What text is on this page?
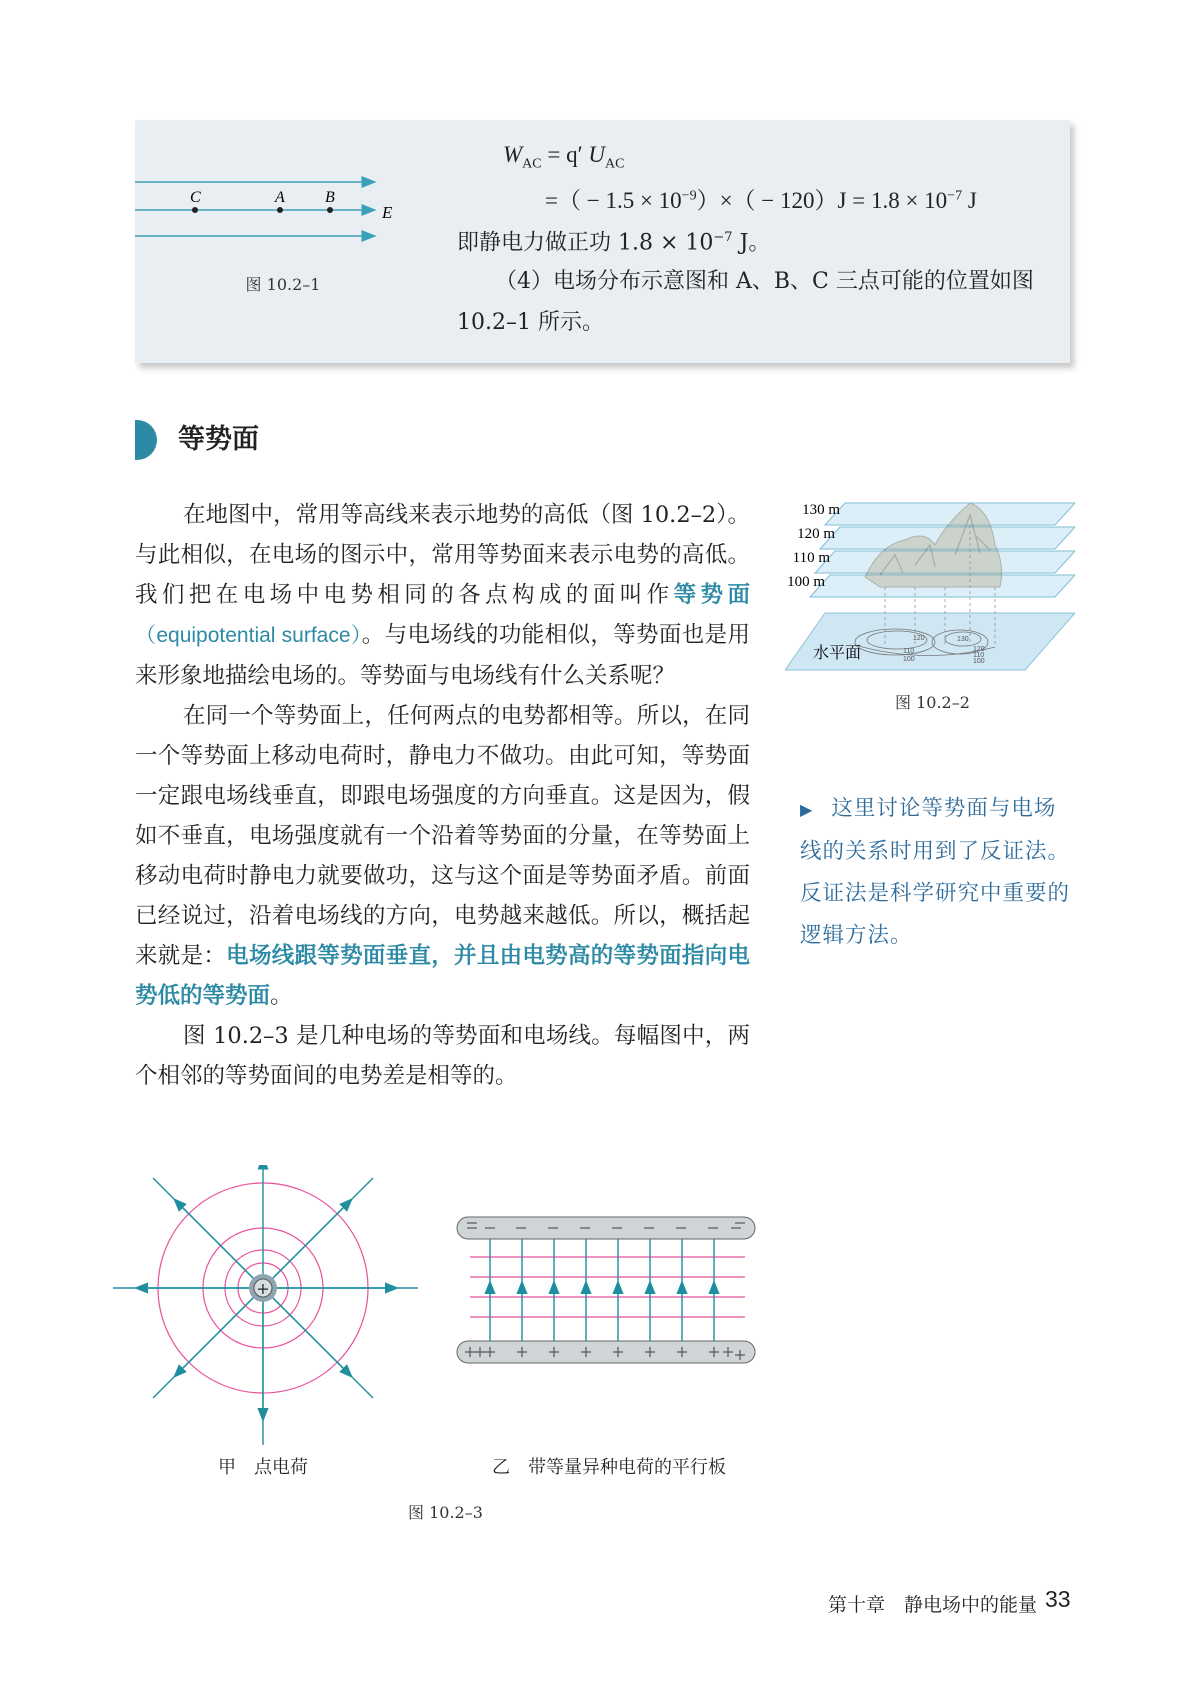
C	A	B
E
图 10.2–1
$W_{AC} = q'$ $U_{AC}$
=（ − $1.5 \times 10^{-9})\times( - 120)J = 1.8 \times 10^{-7}$ J
即静电力做正功 $1.8 \times 10^{-7}$ J。
（4）电场分布示意图和 A、B、C 三点可能的位置如图
10.2–1 所示。
等势面

在地图中，常用等高线来表示地势的高低（图 10.2–2）。与此相似，在电场的图示中，常用等势面来表示电势的高低。我们把在电场中电势相同的各点构成的面叫作等势面（equipotential surface）。与电场线的功能相似，等势面也是用来形象地描绘电场的。等势面与电场线有什么关系呢？

在同一个等势面上，任何两点的电势都相等。所以，在同一个等势面上移动电荷时，静电力不做功。由此可知，等势面一定跟电场线垂直，即跟电场强度的方向垂直。这是因为，假如不垂直，电场强度就有一个沿着等势面的分量，在等势面上移动电荷时静电力就要做功，这与这个面是等势面矛盾。前面已经说过，沿着电场线的方向，电势越来越低。所以，概括起来就是：电场线跟等势面垂直，并且由电势高的等势面指向电势低的等势面。

图 10.2–3 是几种电场的等势面和电场线。每幅图中，两个相邻的等势面间的电势差是相等的。

130 m
120 m
110 m
100 m
水平面
120	130
110	120
110
100	100
图 10.2–2
▶ 这里讨论等势面与电场线的关系时用到了反证法。反证法是科学研究中重要的逻辑方法。
+
甲　点电荷	乙　带等量异种电荷的平行板
图 10.2–3
第十章　静电场中的能量 33
